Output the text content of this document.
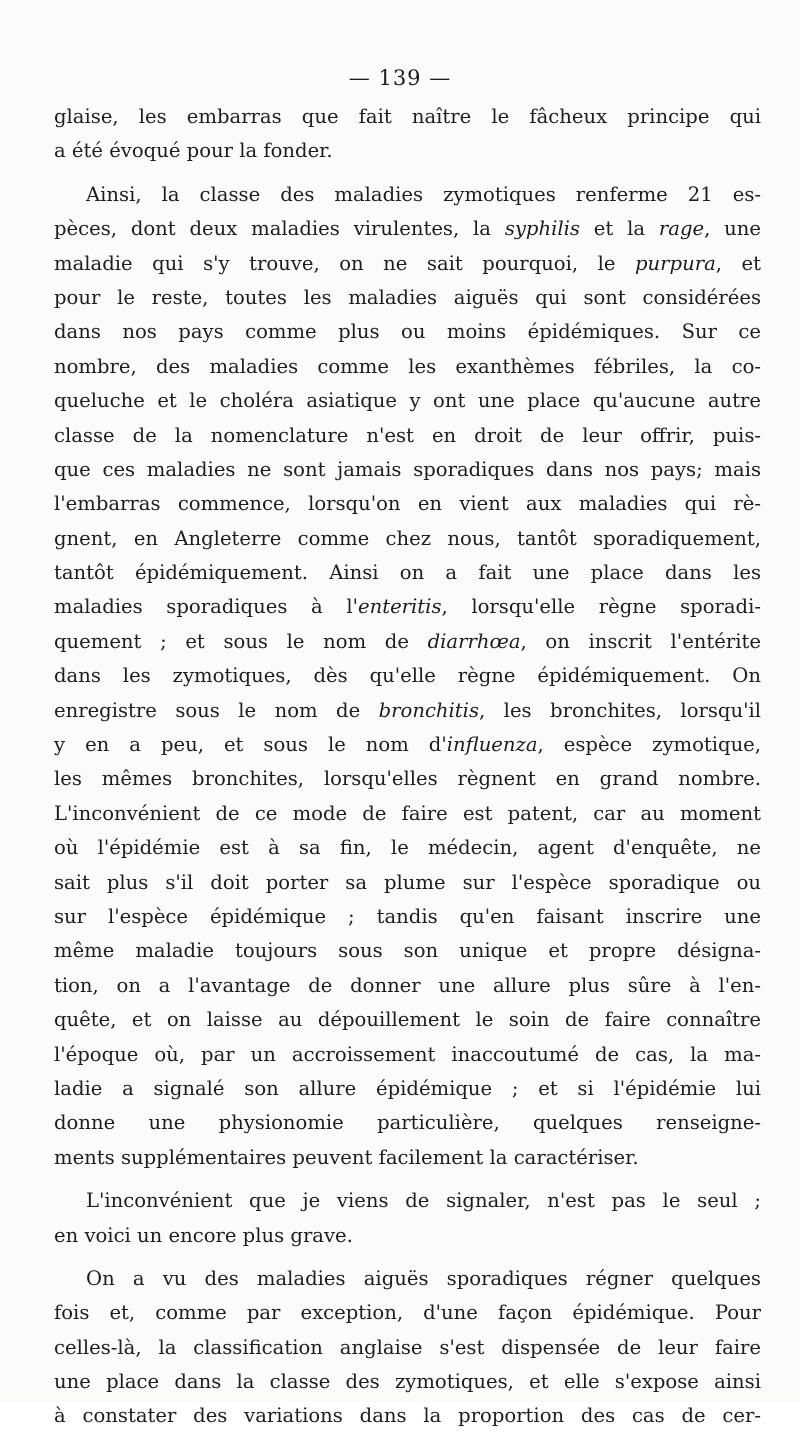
— 139 —
glaise, les embarras que fait naître le fâcheux principe qui
a été évoqué pour la fonder.
Ainsi, la classe des maladies zymotiques renferme 21 es-
pèces, dont deux maladies virulentes, la syphilis et la rage, une
maladie qui s'y trouve, on ne sait pourquoi, le purpura, et
pour le reste, toutes les maladies aiguës qui sont considérées
dans nos pays comme plus ou moins épidémiques. Sur ce
nombre, des maladies comme les exanthèmes fébriles, la co-
queluche et le choléra asiatique y ont une place qu'aucune autre
classe de la nomenclature n'est en droit de leur offrir, puis-
que ces maladies ne sont jamais sporadiques dans nos pays; mais
l'embarras commence, lorsqu'on en vient aux maladies qui rè-
gnent, en Angleterre comme chez nous, tantôt sporadiquement,
tantôt épidémiquement. Ainsi on a fait une place dans les
maladies sporadiques à l'enteritis, lorsqu'elle règne sporadi-
quement ; et sous le nom de diarrhœa, on inscrit l'entérite
dans les zymotiques, dès qu'elle règne épidémiquement. On
enregistre sous le nom de bronchitis, les bronchites, lorsqu'il
y en a peu, et sous le nom d'influenza, espèce zymotique,
les mêmes bronchites, lorsqu'elles règnent en grand nombre.
L'inconvénient de ce mode de faire est patent, car au moment
où l'épidémie est à sa fin, le médecin, agent d'enquête, ne
sait plus s'il doit porter sa plume sur l'espèce sporadique ou
sur l'espèce épidémique ; tandis qu'en faisant inscrire une
même maladie toujours sous son unique et propre désigna-
tion, on a l'avantage de donner une allure plus sûre à l'en-
quête, et on laisse au dépouillement le soin de faire connaître
l'époque où, par un accroissement inaccoutumé de cas, la ma-
ladie a signalé son allure épidémique ; et si l'épidémie lui
donne une physionomie particulière, quelques renseigne-
ments supplémentaires peuvent facilement la caractériser.
L'inconvénient que je viens de signaler, n'est pas le seul ;
en voici un encore plus grave.
On a vu des maladies aiguës sporadiques régner quelques
fois et, comme par exception, d'une façon épidémique. Pour
celles-là, la classification anglaise s'est dispensée de leur faire
une place dans la classe des zymotiques, et elle s'expose ainsi
à constater des variations dans la proportion des cas de cer-
